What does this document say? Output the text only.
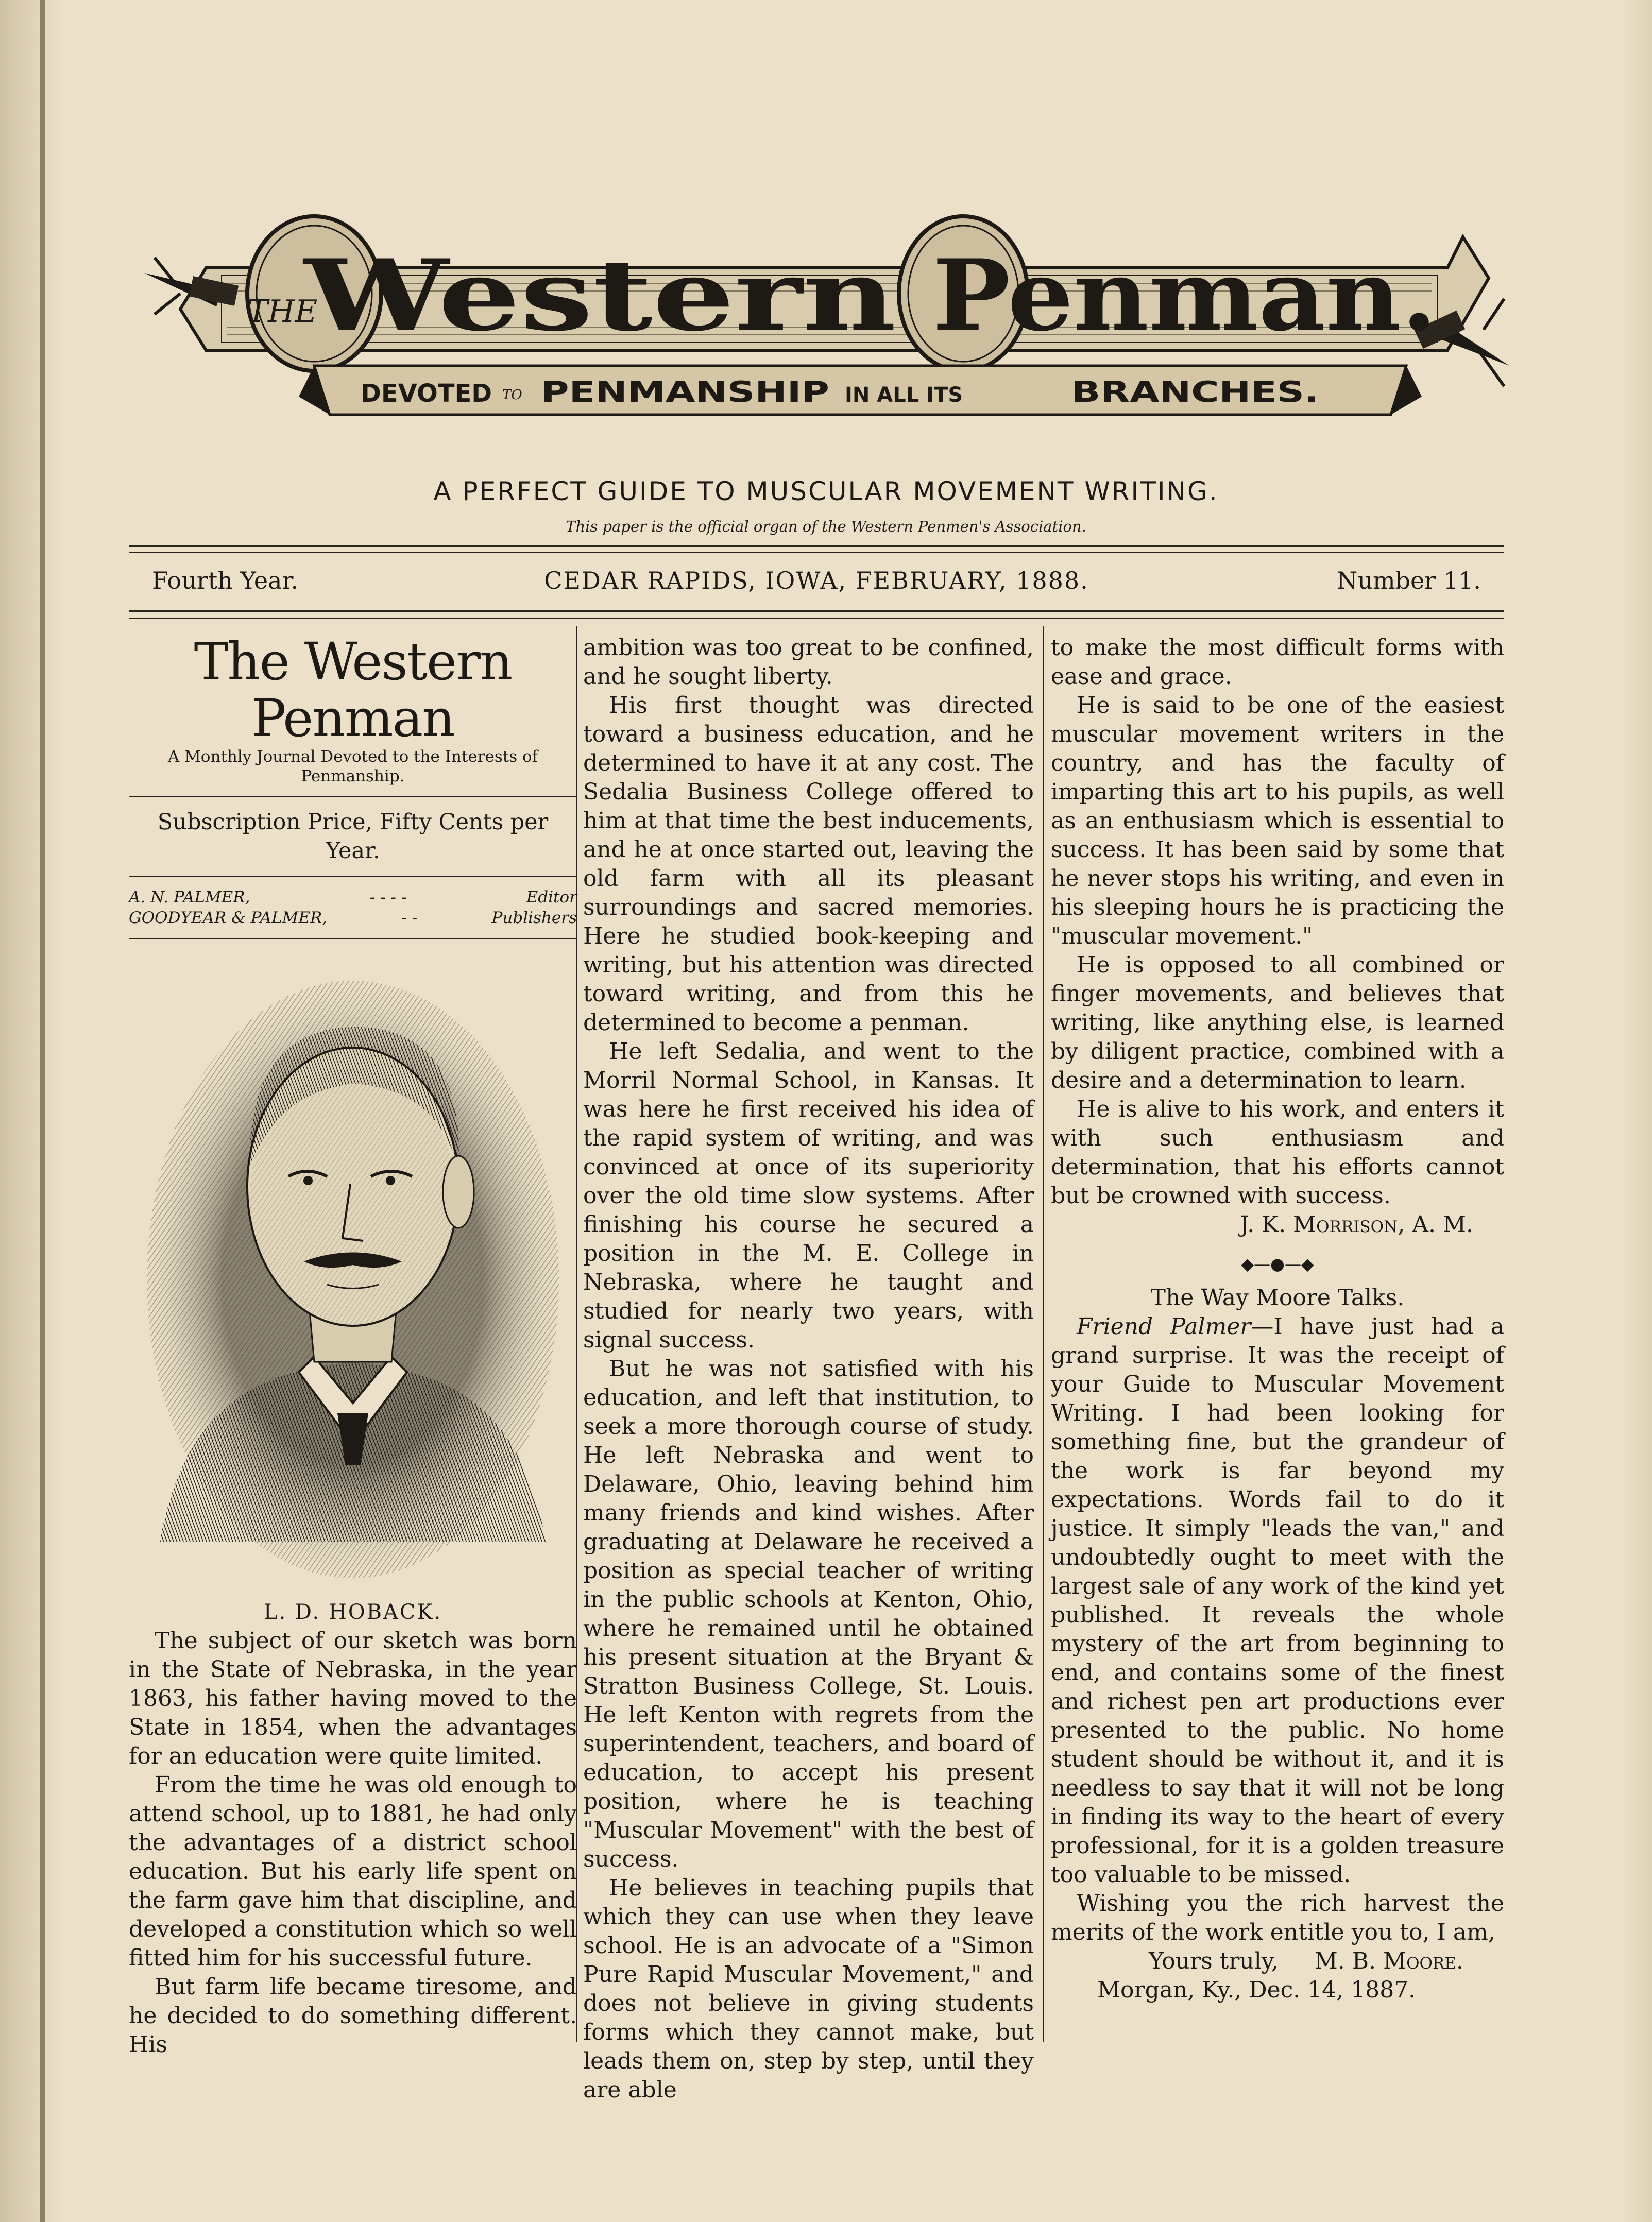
THE
Western Penman.
DEVOTED TO PENMANSHIP IN ALL ITS	BRANCHES.
A PERFECT GUIDE TO MUSCULAR MOVEMENT WRITING.
This paper is the official organ of the Western Penmen's Association.
Fourth Year.	CEDAR RAPIDS, IOWA, FEBRUARY, 1888.	Number 11.

The Western Penman

A Monthly Journal Devoted to the Interests of Penmanship.

Subscription Price, Fifty Cents per Year.

A. N. PALMER,	- - - -	Editor
GOODYEAR & PALMER,	- -	Publishers

L. D. HOBACK.

The subject of our sketch was born in the State of Nebraska, in the year 1863, his father having moved to the State in 1854, when the advantages for an education were quite limited.

From the time he was old enough to attend school, up to 1881, he had only the advantages of a district school education. But his early life spent on the farm gave him that discipline, and developed a constitution which so well fitted him for his successful future.

But farm life became tiresome, and he decided to do something different. His

ambition was too great to be confined, and he sought liberty.

His first thought was directed toward a business education, and he determined to have it at any cost. The Sedalia Business College offered to him at that time the best inducements, and he at once started out, leaving the old farm with all its pleasant surroundings and sacred memories. Here he studied book-keeping and writing, but his attention was directed toward writing, and from this he determined to become a penman.

He left Sedalia, and went to the Morril Normal School, in Kansas. It was here he first received his idea of the rapid system of writing, and was convinced at once of its superiority over the old time slow systems. After finishing his course he secured a position in the M. E. College in Nebraska, where he taught and studied for nearly two years, with signal success.

But he was not satisfied with his education, and left that institution, to seek a more thorough course of study. He left Nebraska and went to Delaware, Ohio, leaving behind him many friends and kind wishes. After graduating at Delaware he received a position as special teacher of writing in the public schools at Kenton, Ohio, where he remained until he obtained his present situation at the Bryant & Stratton Business College, St. Louis. He left Kenton with regrets from the superintendent, teachers, and board of education, to accept his present position, where he is teaching "Muscular Movement" with the best of success.

He believes in teaching pupils that which they can use when they leave school. He is an advocate of a "Simon Pure Rapid Muscular Movement," and does not believe in giving students forms which they cannot make, but leads them on, step by step, until they are able

to make the most difficult forms with ease and grace.

He is said to be one of the easiest muscular movement writers in the country, and has the faculty of imparting this art to his pupils, as well as an enthusiasm which is essential to success. It has been said by some that he never stops his writing, and even in his sleeping hours he is practicing the "muscular movement."

He is opposed to all combined or finger movements, and believes that writing, like anything else, is learned by diligent practice, combined with a desire and a determination to learn.

He is alive to his work, and enters it with such enthusiasm and determination, that his efforts cannot but be crowned with success.

J. K. Morrison, A. M.

◆—●—◆

The Way Moore Talks.

Friend Palmer—I have just had a grand surprise. It was the receipt of your Guide to Muscular Movement Writing. I had been looking for something fine, but the grandeur of the work is far beyond my expectations. Words fail to do it justice. It simply "leads the van," and undoubtedly ought to meet with the largest sale of any work of the kind yet published. It reveals the whole mystery of the art from beginning to end, and contains some of the finest and richest pen art productions ever presented to the public. No home student should be without it, and it is needless to say that it will not be long in finding its way to the heart of every professional, for it is a golden treasure too valuable to be missed.

Wishing you the rich harvest the merits of the work entitle you to, I am,

Yours truly, M. B. Moore.

Morgan, Ky., Dec. 14, 1887.
